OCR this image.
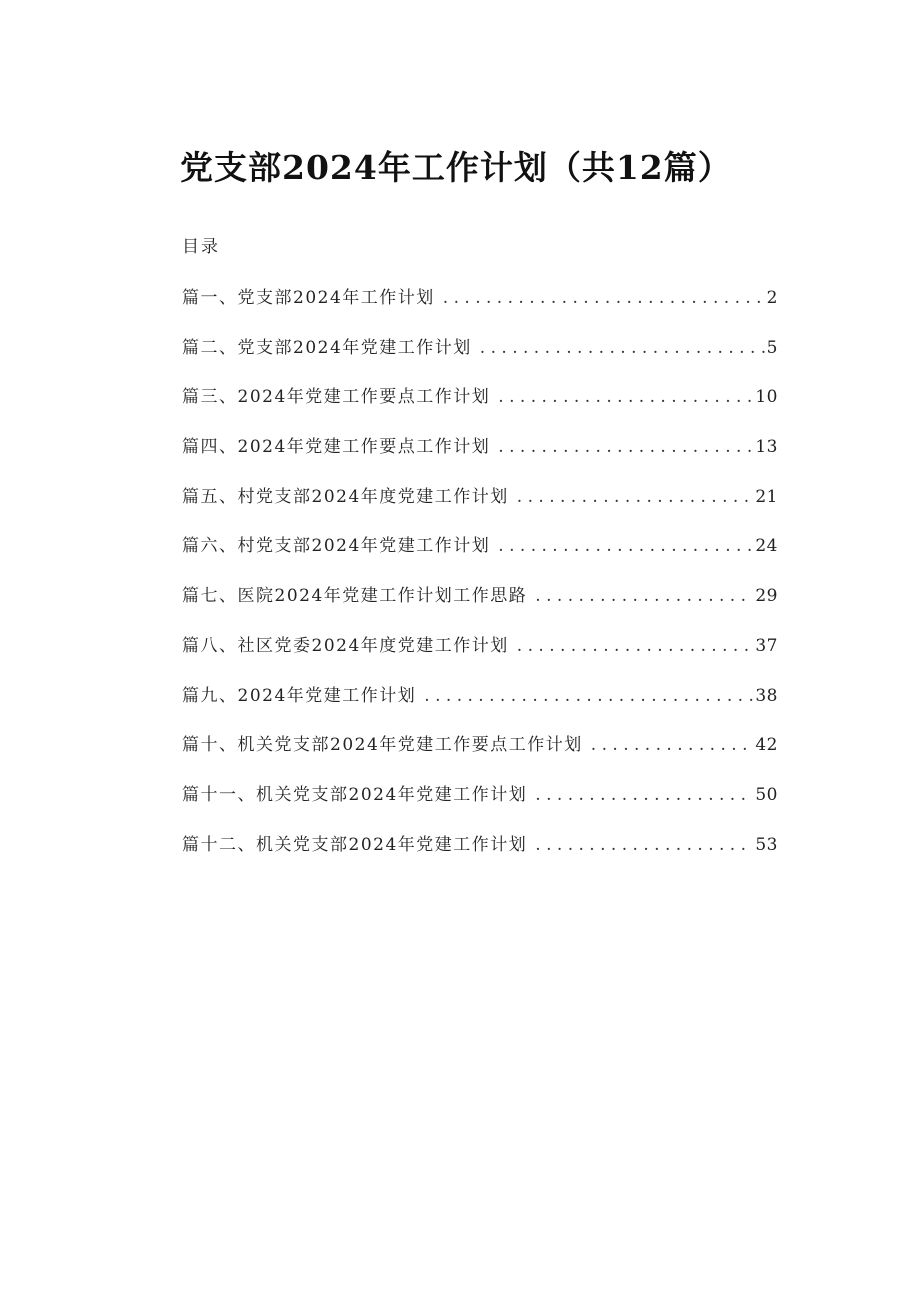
党支部2024年工作计划（共12篇）
目录
篇一、党支部2024年工作计划 . . .	2
篇二、党支部2024年党建工作计划 . . .	5
篇三、2024年党建工作要点工作计划 . . .	10
篇四、2024年党建工作要点工作计划 . . .	13
篇五、村党支部2024年度党建工作计划 . . .	21
篇六、村党支部2024年党建工作计划 . . .	24
篇七、医院2024年党建工作计划工作思路 . . .	29
篇八、社区党委2024年度党建工作计划 . . .	37
篇九、2024年党建工作计划 . . .	38
篇十、机关党支部2024年党建工作要点工作计划 . . .	42
篇十一、机关党支部2024年党建工作计划 . . .	50
篇十二、机关党支部2024年党建工作计划 . . .	53
